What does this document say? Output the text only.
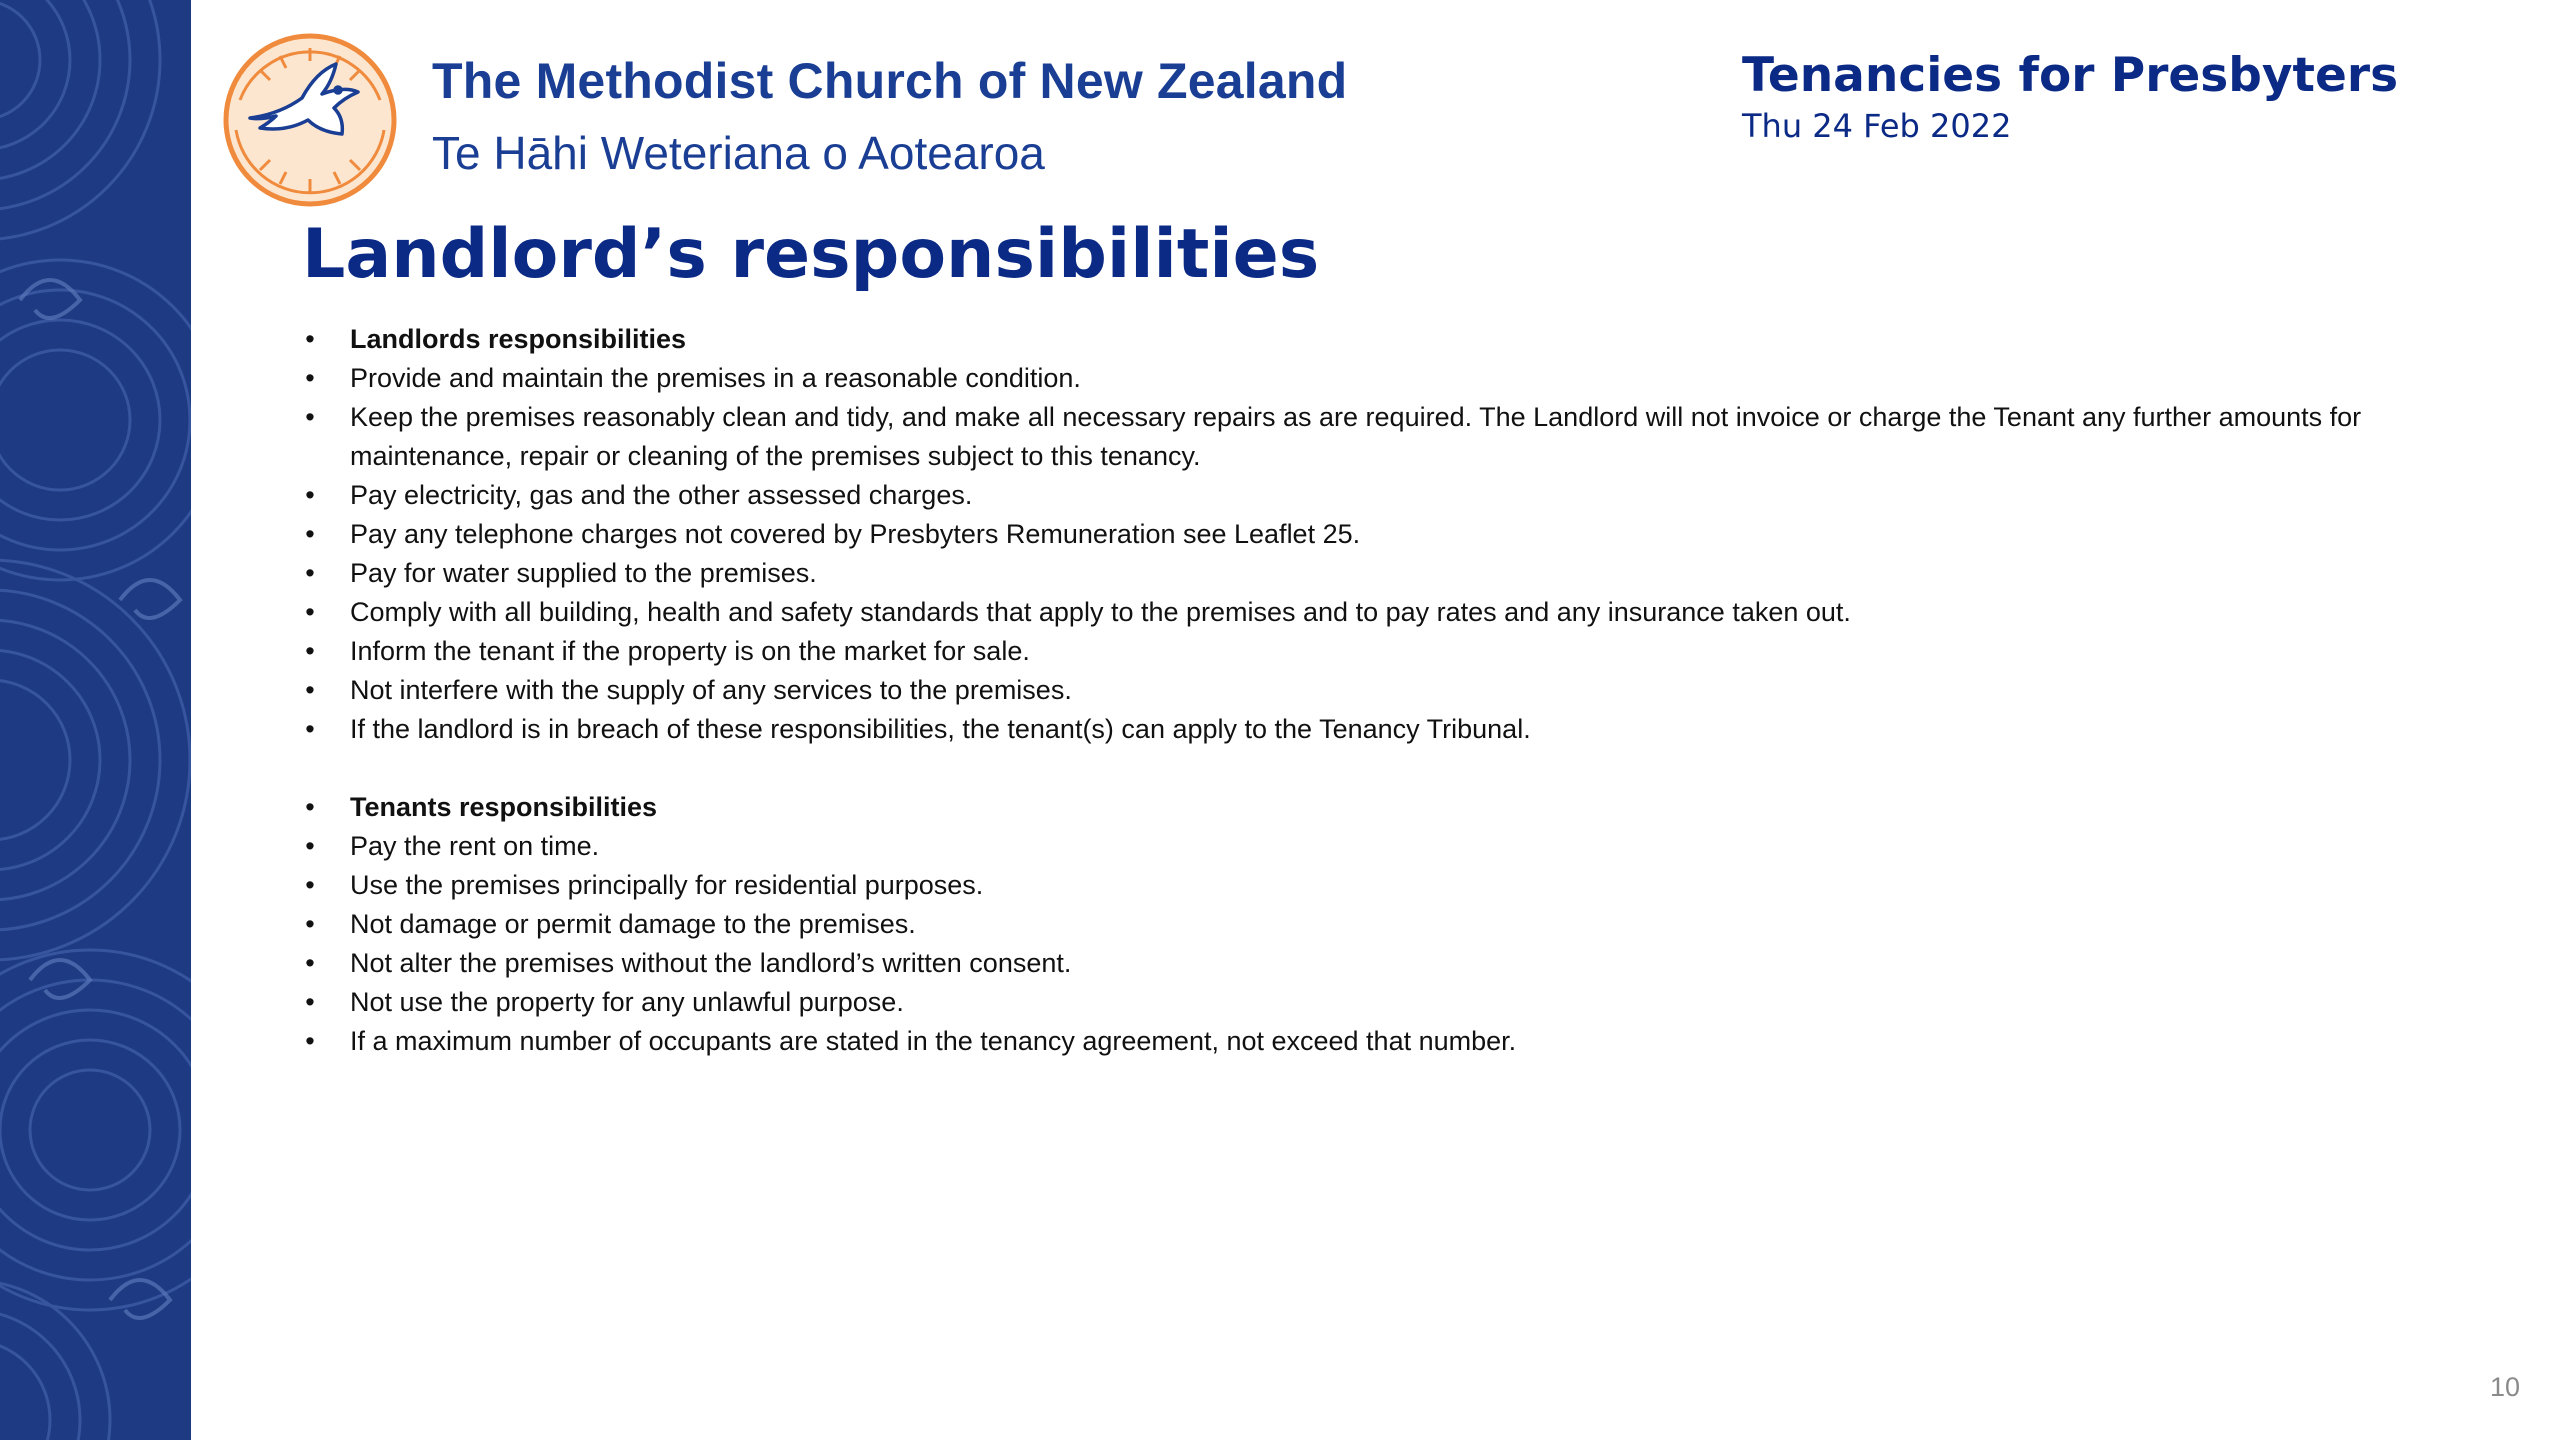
The Methodist Church of New Zealand
Te Hāhi Weteriana o Aotearoa
Tenancies for Presbyters
Thu 24 Feb 2022
Landlord’s responsibilities
• Landlords responsibilities
• Provide and maintain the premises in a reasonable condition.
• Keep the premises reasonably clean and tidy, and make all necessary repairs as are required. The Landlord will not invoice or charge the Tenant any further amounts for maintenance, repair or cleaning of the premises subject to this tenancy.
• Pay electricity, gas and the other assessed charges.
• Pay any telephone charges not covered by Presbyters Remuneration see Leaflet 25.
• Pay for water supplied to the premises.
• Comply with all building, health and safety standards that apply to the premises and to pay rates and any insurance taken out.
• Inform the tenant if the property is on the market for sale.
• Not interfere with the supply of any services to the premises.
• If the landlord is in breach of these responsibilities, the tenant(s) can apply to the Tenancy Tribunal.
• Tenants responsibilities
• Pay the rent on time.
• Use the premises principally for residential purposes.
• Not damage or permit damage to the premises.
• Not alter the premises without the landlord’s written consent.
• Not use the property for any unlawful purpose.
• If a maximum number of occupants are stated in the tenancy agreement, not exceed that number.
10
